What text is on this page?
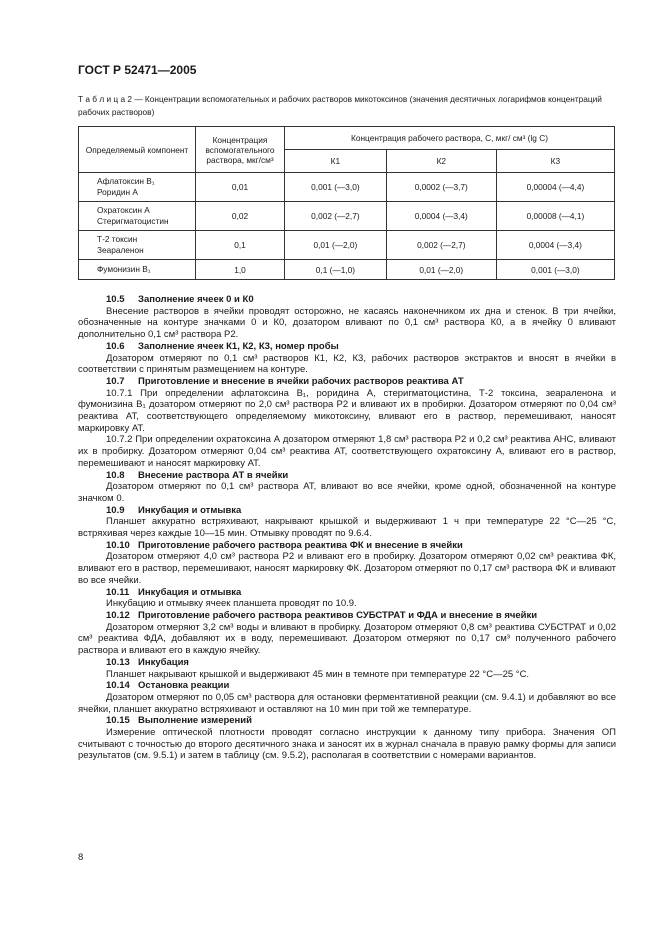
ГОСТ Р 52471—2005
Т а б л и ц а 2 — Концентрации вспомогательных и рабочих растворов микотоксинов (значения десятичных логарифмов концентраций рабочих растворов)
Определяемый компонент	Концентрация вспомогательного раствора, мкг/см³	Концентрация рабочего раствора, С, мкг/ см³ (lg С)		
		К1	К2	К3
Афлатоксин В₁
Роридин А	0,01	0,001 (—3,0)	0,0002 (—3,7)	0,00004 (—4,4)
Охратоксин А
Стеригматоцистин	0,02	0,002 (—2,7)	0,0004 (—3,4)	0,00008 (—4,1)
Т-2 токсин
Зеараленон	0,1	0,01 (—2,0)	0,002 (—2,7)	0,0004 (—3,4)
Фумонизин В₁	1,0	0,1 (—1,0)	0,01 (—2,0)	0,001 (—3,0)

10.5 Заполнение ячеек 0 и К0

Внесение растворов в ячейки проводят осторожно, не касаясь наконечником их дна и стенок. В три ячейки, обозначенные на контуре значками 0 и К0, дозатором вливают по 0,1 см³ раствора К0, а в ячейку 0 вливают дополнительно 0,1 см³ раствора Р2.

10.6 Заполнение ячеек К1, К2, К3, номер пробы

Дозатором отмеряют по 0,1 см³ растворов К1, К2, К3, рабочих растворов экстрактов и вносят в ячейки в соответствии с принятым размещением на контуре.

10.7 Приготовление и внесение в ячейки рабочих растворов реактива АТ

10.7.1 При определении афлатоксина В₁, роридина А, стеригматоцистина, Т-2 токсина, зеараленона и фумонизина В₁ дозатором отмеряют по 2,0 см³ раствора Р2 и вливают их в пробирки. Дозатором отмеряют по 0,04 см³ реактива АТ, соответствующего определяемому микотоксину, вливают его в раствор, перемешивают, наносят маркировку АТ.

10.7.2 При определении охратоксина А дозатором отмеряют 1,8 см³ раствора Р2 и 0,2 см³ реактива АНС, вливают их в пробирку. Дозатором отмеряют 0,04 см³ реактива АТ, соответствующего охратоксину А, вливают его в раствор, перемешивают и наносят маркировку АТ.

10.8 Внесение раствора АТ в ячейки

Дозатором отмеряют по 0,1 см³ раствора АТ, вливают во все ячейки, кроме одной, обозначенной на контуре значком 0.

10.9 Инкубация и отмывка

Планшет аккуратно встряхивают, накрывают крышкой и выдерживают 1 ч при температуре 22 °С—25 °С, встряхивая через каждые 10—15 мин. Отмывку проводят по 9.6.4.

10.10 Приготовление рабочего раствора реактива ФК и внесение в ячейки

Дозатором отмеряют 4,0 см³ раствора Р2 и вливают его в пробирку. Дозатором отмеряют 0,02 см³ реактива ФК, вливают его в раствор, перемешивают, наносят маркировку ФК. Дозатором отмеряют по 0,17 см³ раствора ФК и вливают во все ячейки.

10.11 Инкубация и отмывка

Инкубацию и отмывку ячеек планшета проводят по 10.9.

10.12 Приготовление рабочего раствора реактивов СУБСТРАТ и ФДА и внесение в ячейки

Дозатором отмеряют 3,2 см³ воды и вливают в пробирку. Дозатором отмеряют 0,8 см³ реактива СУБСТРАТ и 0,02 см³ реактива ФДА, добавляют их в воду, перемешивают. Дозатором отмеряют по 0,17 см³ полученного рабочего раствора и вливают его в каждую ячейку.

10.13 Инкубация

Планшет накрывают крышкой и выдерживают 45 мин в темноте при температуре 22 °С—25 °С.

10.14 Остановка реакции

Дозатором отмеряют по 0,05 см³ раствора для остановки ферментативной реакции (см. 9.4.1) и добавляют во все ячейки, планшет аккуратно встряхивают и оставляют на 10 мин при той же температуре.

10.15 Выполнение измерений

Измерение оптической плотности проводят согласно инструкции к данному типу прибора. Значения ОП считывают с точностью до второго десятичного знака и заносят их в журнал сначала в правую рамку формы для записи результатов (см. 9.5.1) и затем в таблицу (см. 9.5.2), располагая в соответствии с номерами вариантов.

8
